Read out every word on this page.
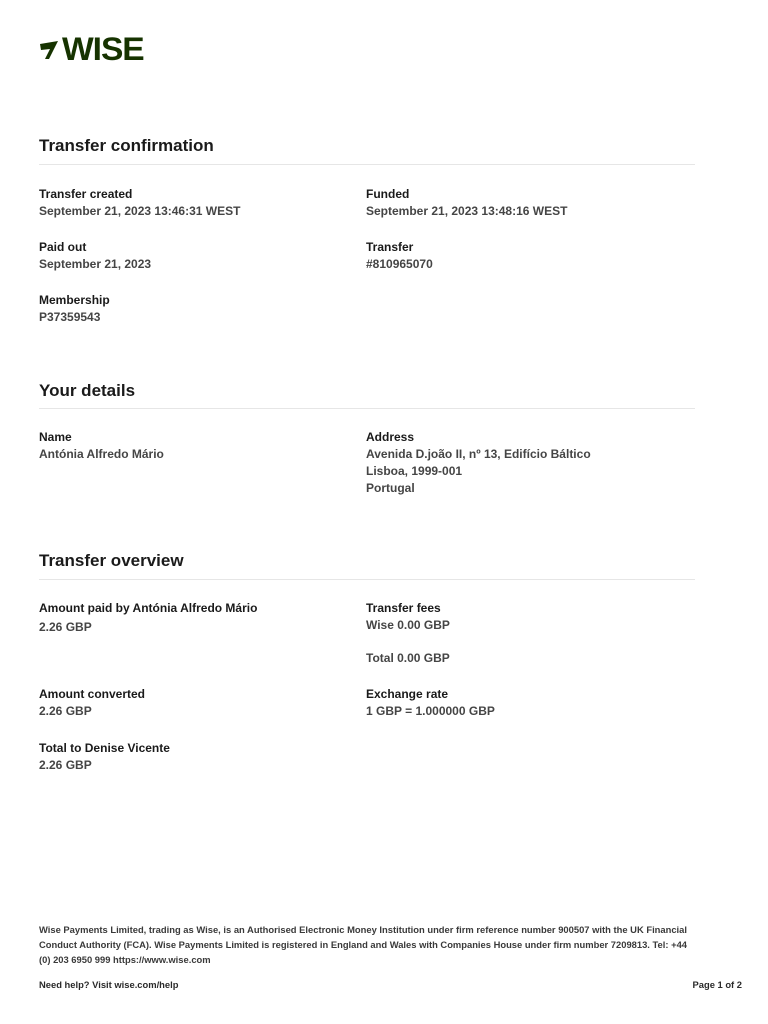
WISE
Transfer confirmation
Transfer created
September 21, 2023 13:46:31 WEST
Funded
September 21, 2023 13:48:16 WEST
Paid out
September 21, 2023
Transfer
#810965070
Membership
P37359543
Your details
Name
Antónia Alfredo Mário
Address
Avenida D.joão II, nº 13, Edifício Báltico
Lisboa, 1999-001
Portugal
Transfer overview
Amount paid by Antónia Alfredo Mário
2.26 GBP
Transfer fees
Wise 0.00 GBP
Total 0.00 GBP
Amount converted
2.26 GBP
Exchange rate
1 GBP = 1.000000 GBP
Total to Denise Vicente
2.26 GBP
Wise Payments Limited, trading as Wise, is an Authorised Electronic Money Institution under firm reference number 900507 with the UK Financial Conduct Authority (FCA). Wise Payments Limited is registered in England and Wales with Companies House under firm number 7209813. Tel: +44 (0) 203 6950 999 https://www.wise.com
Need help? Visit wise.com/help	Page 1 of 2
